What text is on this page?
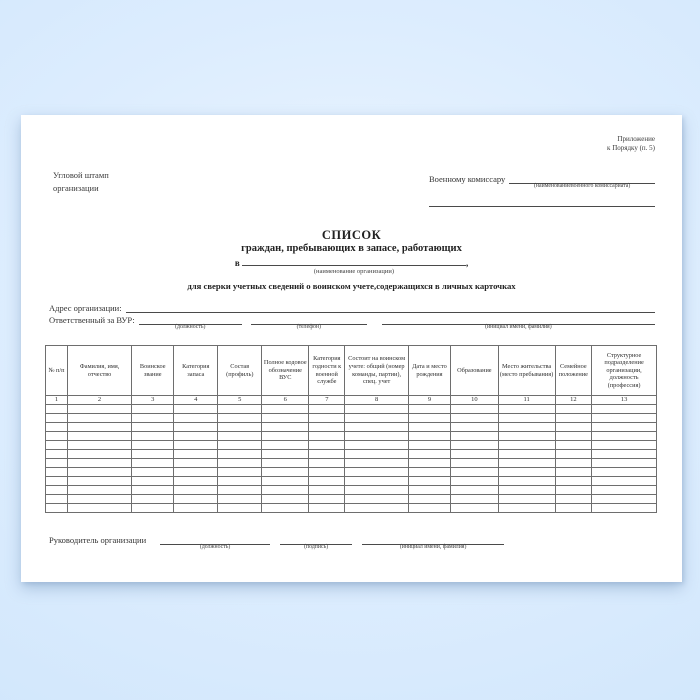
Приложение
к Порядку (п. 5)
Угловой штамп
организации
Военному комиссару
(наименованиевоенного комиссариата)
СПИСОК
граждан, пребывающих в запасе, работающих
в
(наименование организации)
,
для сверки учетных сведений о воинском учете,содержащихся в личных карточках
Адрес организации:
Ответственный за ВУР:
(должность)	(телефон)	(инициал имени, фамилия)
№ п/п	Фамилия, имя, отчество	Воинское звание	Категория запаса	Состав (профиль)	Полное кодовое обозначение ВУС	Категория годности к военной службе	Состоит на воинском учете: общий (номер команды, партии), спец. учет	Дата и место рождения	Образование	Место жительства (место пребывания)	Семейное положение	Структурное подразделение организации, должность (профессия)
1	2	3	4	5	6	7	8	9	10	11	12	13

Руководитель организации
(должность)	(подпись)	(инициал имени, фамилия)
